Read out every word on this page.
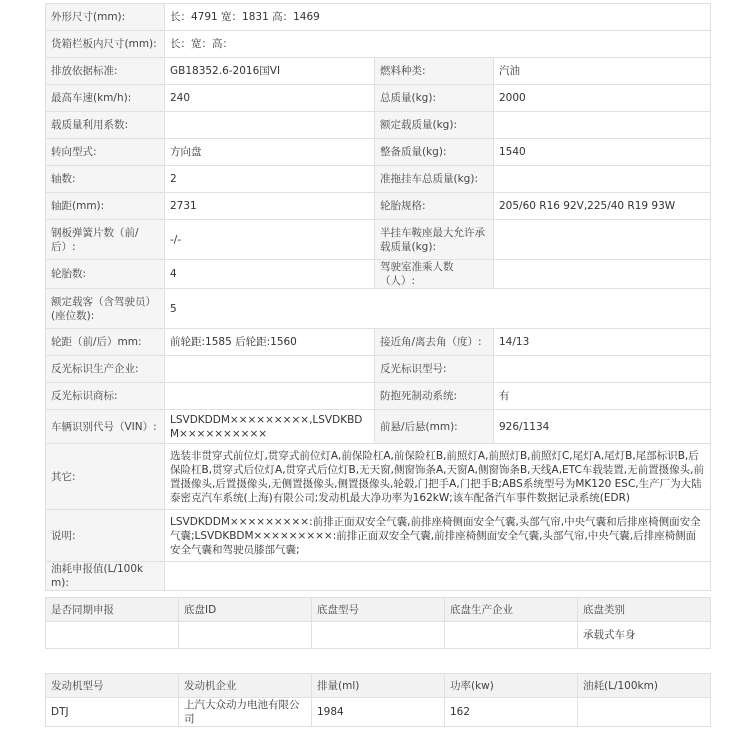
外形尺寸(mm):	长：4791 宽：1831 高：1469		
货箱栏板内尺寸(mm):	长：宽：高：		
排放依据标准:	GB18352.6-2016国VI	燃料种类:	汽油
最高车速(km/h):	240	总质量(kg):	2000
载质量利用系数:		额定载质量(kg):	
转向型式:	方向盘	整备质量(kg):	1540
轴数:	2	准拖挂车总质量(kg):	
轴距(mm):	2731	轮胎规格:	205/60 R16 92V,225/40 R19 93W
钢板弹簧片数（前/后）:	-/-	半挂车鞍座最大允许承载质量(kg):	
轮胎数:	4	驾驶室准乘人数（人）:	
额定载客（含驾驶员）(座位数):	5		
轮距（前/后）mm:	前轮距:1585 后轮距:1560	接近角/离去角（度）:	14/13
反光标识生产企业:		反光标识型号:	
反光标识商标:		防抱死制动系统:	有
车辆识别代号（VIN）:	LSVDKDDM×××××××××,LSVDKBDM××××××××××	前悬/后悬(mm):	926/1134
其它:	选装非贯穿式前位灯,贯穿式前位灯A,前保险杠A,前保险杠B,前照灯A,前照灯B,前照灯C,尾灯A,尾灯B,尾部标识B,后保险杠B,贯穿式后位灯A,贯穿式后位灯B,无天窗,侧窗饰条A,天窗A,侧窗饰条B,天线A,ETC车载装置,无前置摄像头,前置摄像头,后置摄像头,无侧置摄像头,侧置摄像头,轮毂,门把手A,门把手B;ABS系统型号为MK120 ESC,生产厂为大陆泰密克汽车系统(上海)有限公司;发动机最大净功率为162kW;该车配备汽车事件数据记录系统(EDR)		
说明:	LSVDKDDM×××××××××:前排正面双安全气囊,前排座椅侧面安全气囊,头部气帘,中央气囊和后排座椅侧面安全气囊;LSVDKBDM×××××××××:前排正面双安全气囊,前排座椅侧面安全气囊,头部气帘,中央气囊,后排座椅侧面安全气囊和驾驶员膝部气囊;		
油耗申报值(L/100km):			
是否同期申报	底盘ID	底盘型号	底盘生产企业	底盘类别
				承载式车身
发动机型号	发动机企业	排量(ml)	功率(kw)	油耗(L/100km)
DTJ	上汽大众动力电池有限公司	1984	162	
